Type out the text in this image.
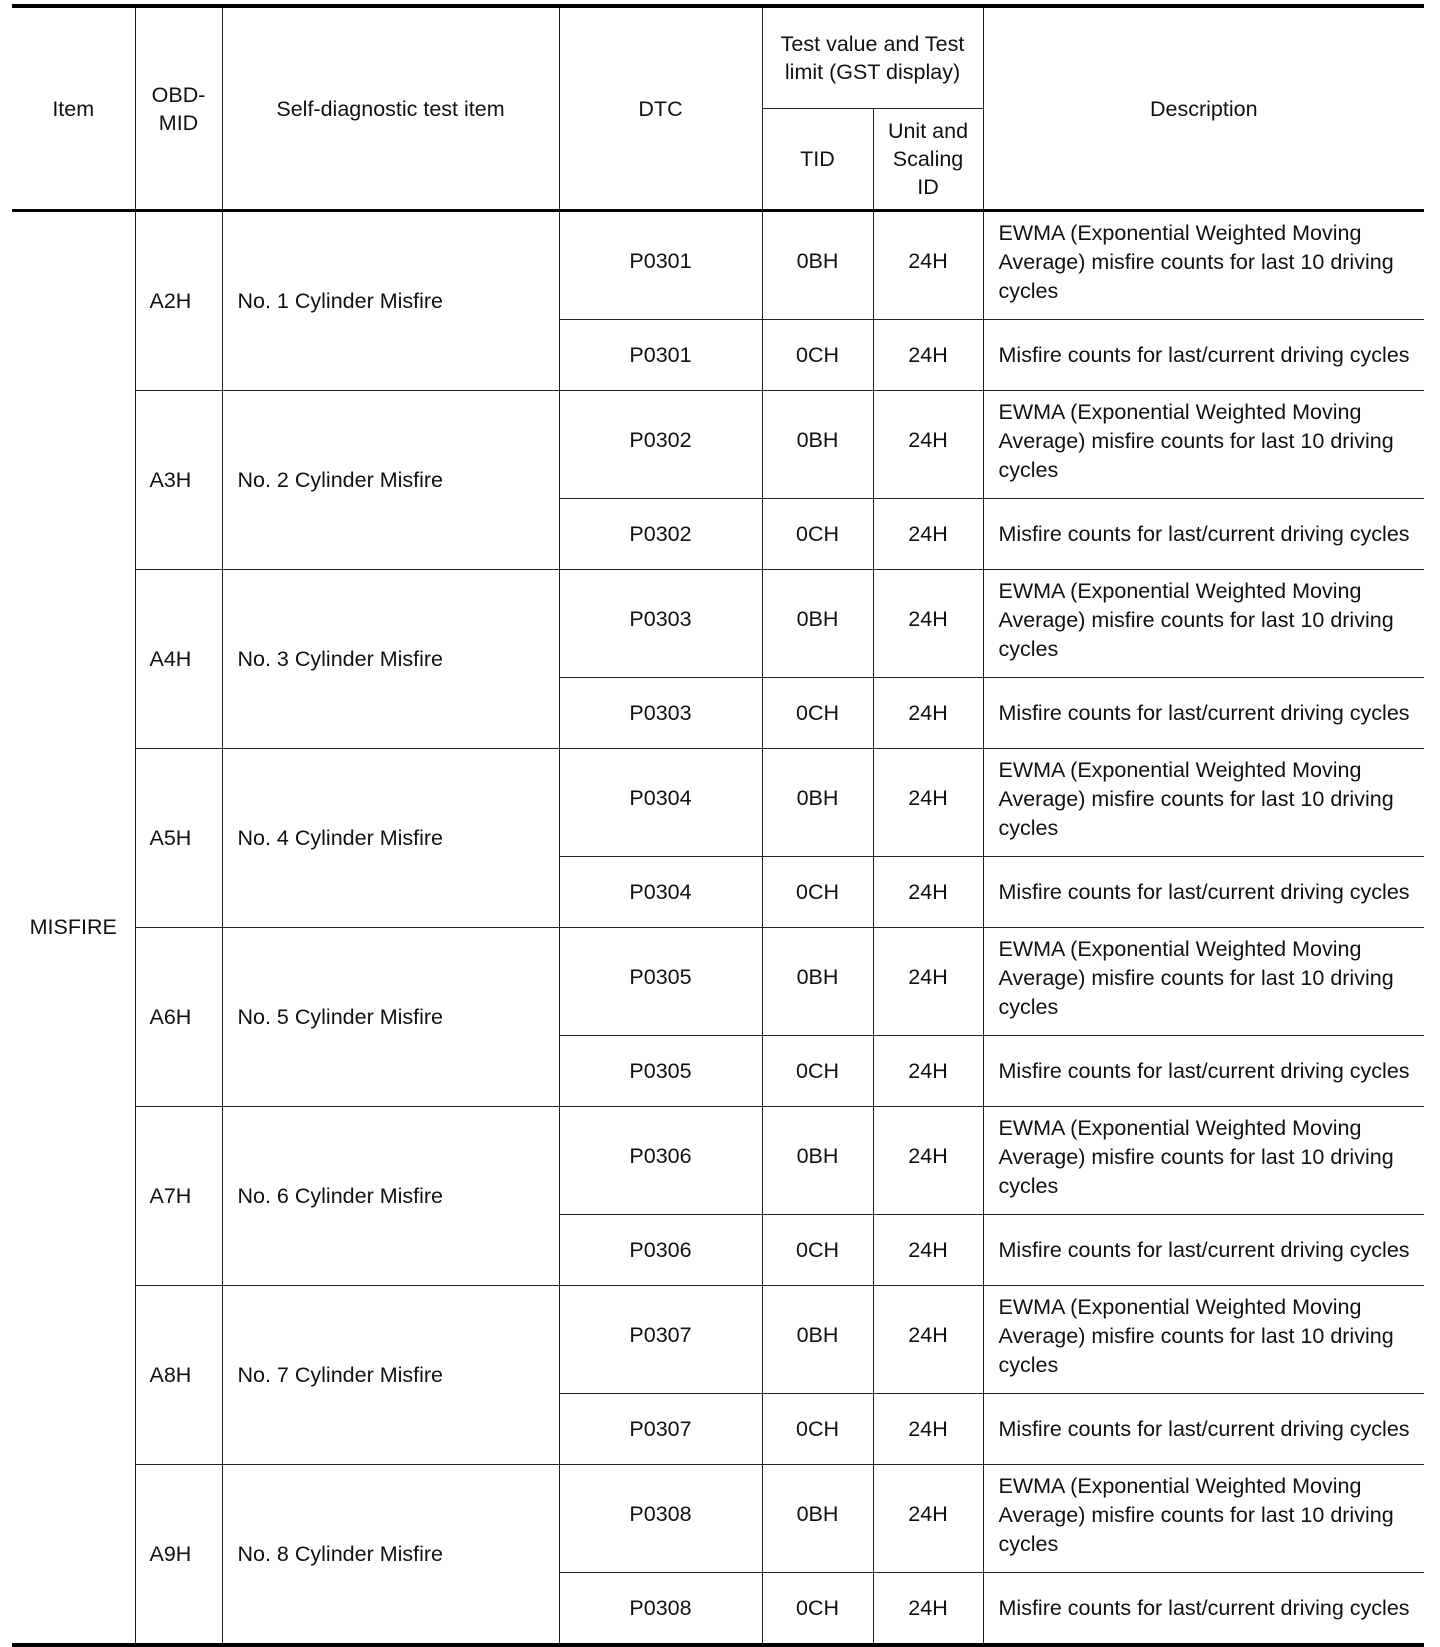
Item	OBD-MID	Self-diagnostic test item	DTC	Test value and Test limit (GST display)		Description
				TID	Unit and Scaling ID	
MISFIRE	A2H	No. 1 Cylinder Misfire	P0301	0BH	24H	EWMA (Exponential Weighted Moving Average) misfire counts for last 10 driving cycles
			P0301	0CH	24H	Misfire counts for last/current driving cycles
	A3H	No. 2 Cylinder Misfire	P0302	0BH	24H	EWMA (Exponential Weighted Moving Average) misfire counts for last 10 driving cycles
			P0302	0CH	24H	Misfire counts for last/current driving cycles
	A4H	No. 3 Cylinder Misfire	P0303	0BH	24H	EWMA (Exponential Weighted Moving Average) misfire counts for last 10 driving cycles
			P0303	0CH	24H	Misfire counts for last/current driving cycles
	A5H	No. 4 Cylinder Misfire	P0304	0BH	24H	EWMA (Exponential Weighted Moving Average) misfire counts for last 10 driving cycles
			P0304	0CH	24H	Misfire counts for last/current driving cycles
	A6H	No. 5 Cylinder Misfire	P0305	0BH	24H	EWMA (Exponential Weighted Moving Average) misfire counts for last 10 driving cycles
			P0305	0CH	24H	Misfire counts for last/current driving cycles
	A7H	No. 6 Cylinder Misfire	P0306	0BH	24H	EWMA (Exponential Weighted Moving Average) misfire counts for last 10 driving cycles
			P0306	0CH	24H	Misfire counts for last/current driving cycles
	A8H	No. 7 Cylinder Misfire	P0307	0BH	24H	EWMA (Exponential Weighted Moving Average) misfire counts for last 10 driving cycles
			P0307	0CH	24H	Misfire counts for last/current driving cycles
	A9H	No. 8 Cylinder Misfire	P0308	0BH	24H	EWMA (Exponential Weighted Moving Average) misfire counts for last 10 driving cycles
			P0308	0CH	24H	Misfire counts for last/current driving cycles
